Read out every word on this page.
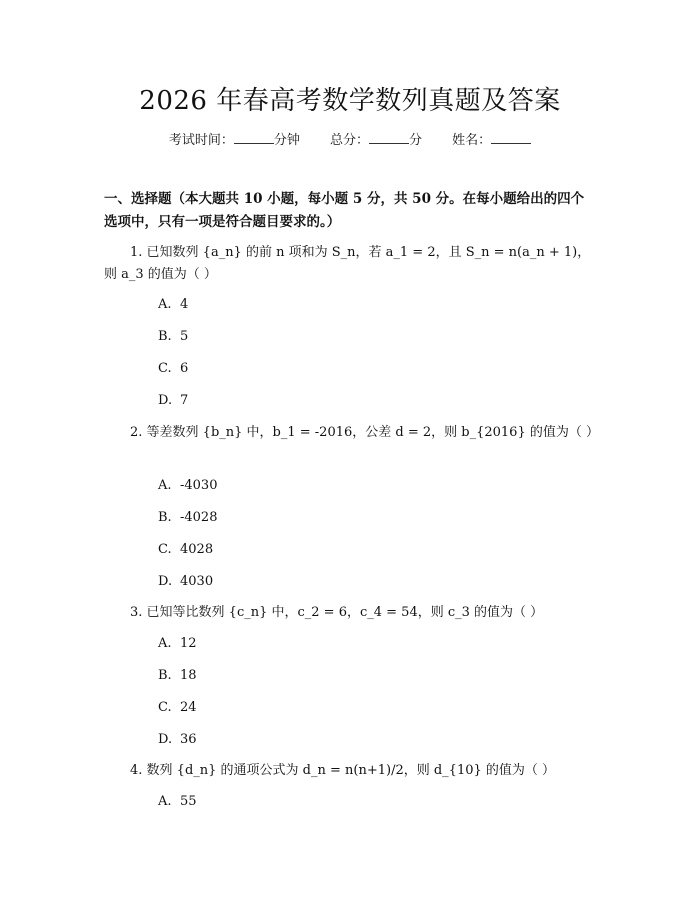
2026 年春高考数学数列真题及答案
考试时间：	分钟 总分：	分 姓名：
一、选择题（本大题共 10 小题，每小题 5 分，共 50 分。在每小题给出的四个选项中，只有一项是符合题目要求的。）
1. 已知数列 {a_n} 的前 n 项和为 S_n，若 a_1 = 2，且 S_n = n(a_n + 1)，则 a_3 的值为（ ）
A. 4
B. 5
C. 6
D. 7
2. 等差数列 {b_n} 中，b_1 = -2016，公差 d = 2，则 b_{2016} 的值为（ ）
A. -4030
B. -4028
C. 4028
D. 4030
3. 已知等比数列 {c_n} 中，c_2 = 6，c_4 = 54，则 c_3 的值为（ ）
A. 12
B. 18
C. 24
D. 36
4. 数列 {d_n} 的通项公式为 d_n = n(n+1)/2，则 d_{10} 的值为（ ）
A. 55
